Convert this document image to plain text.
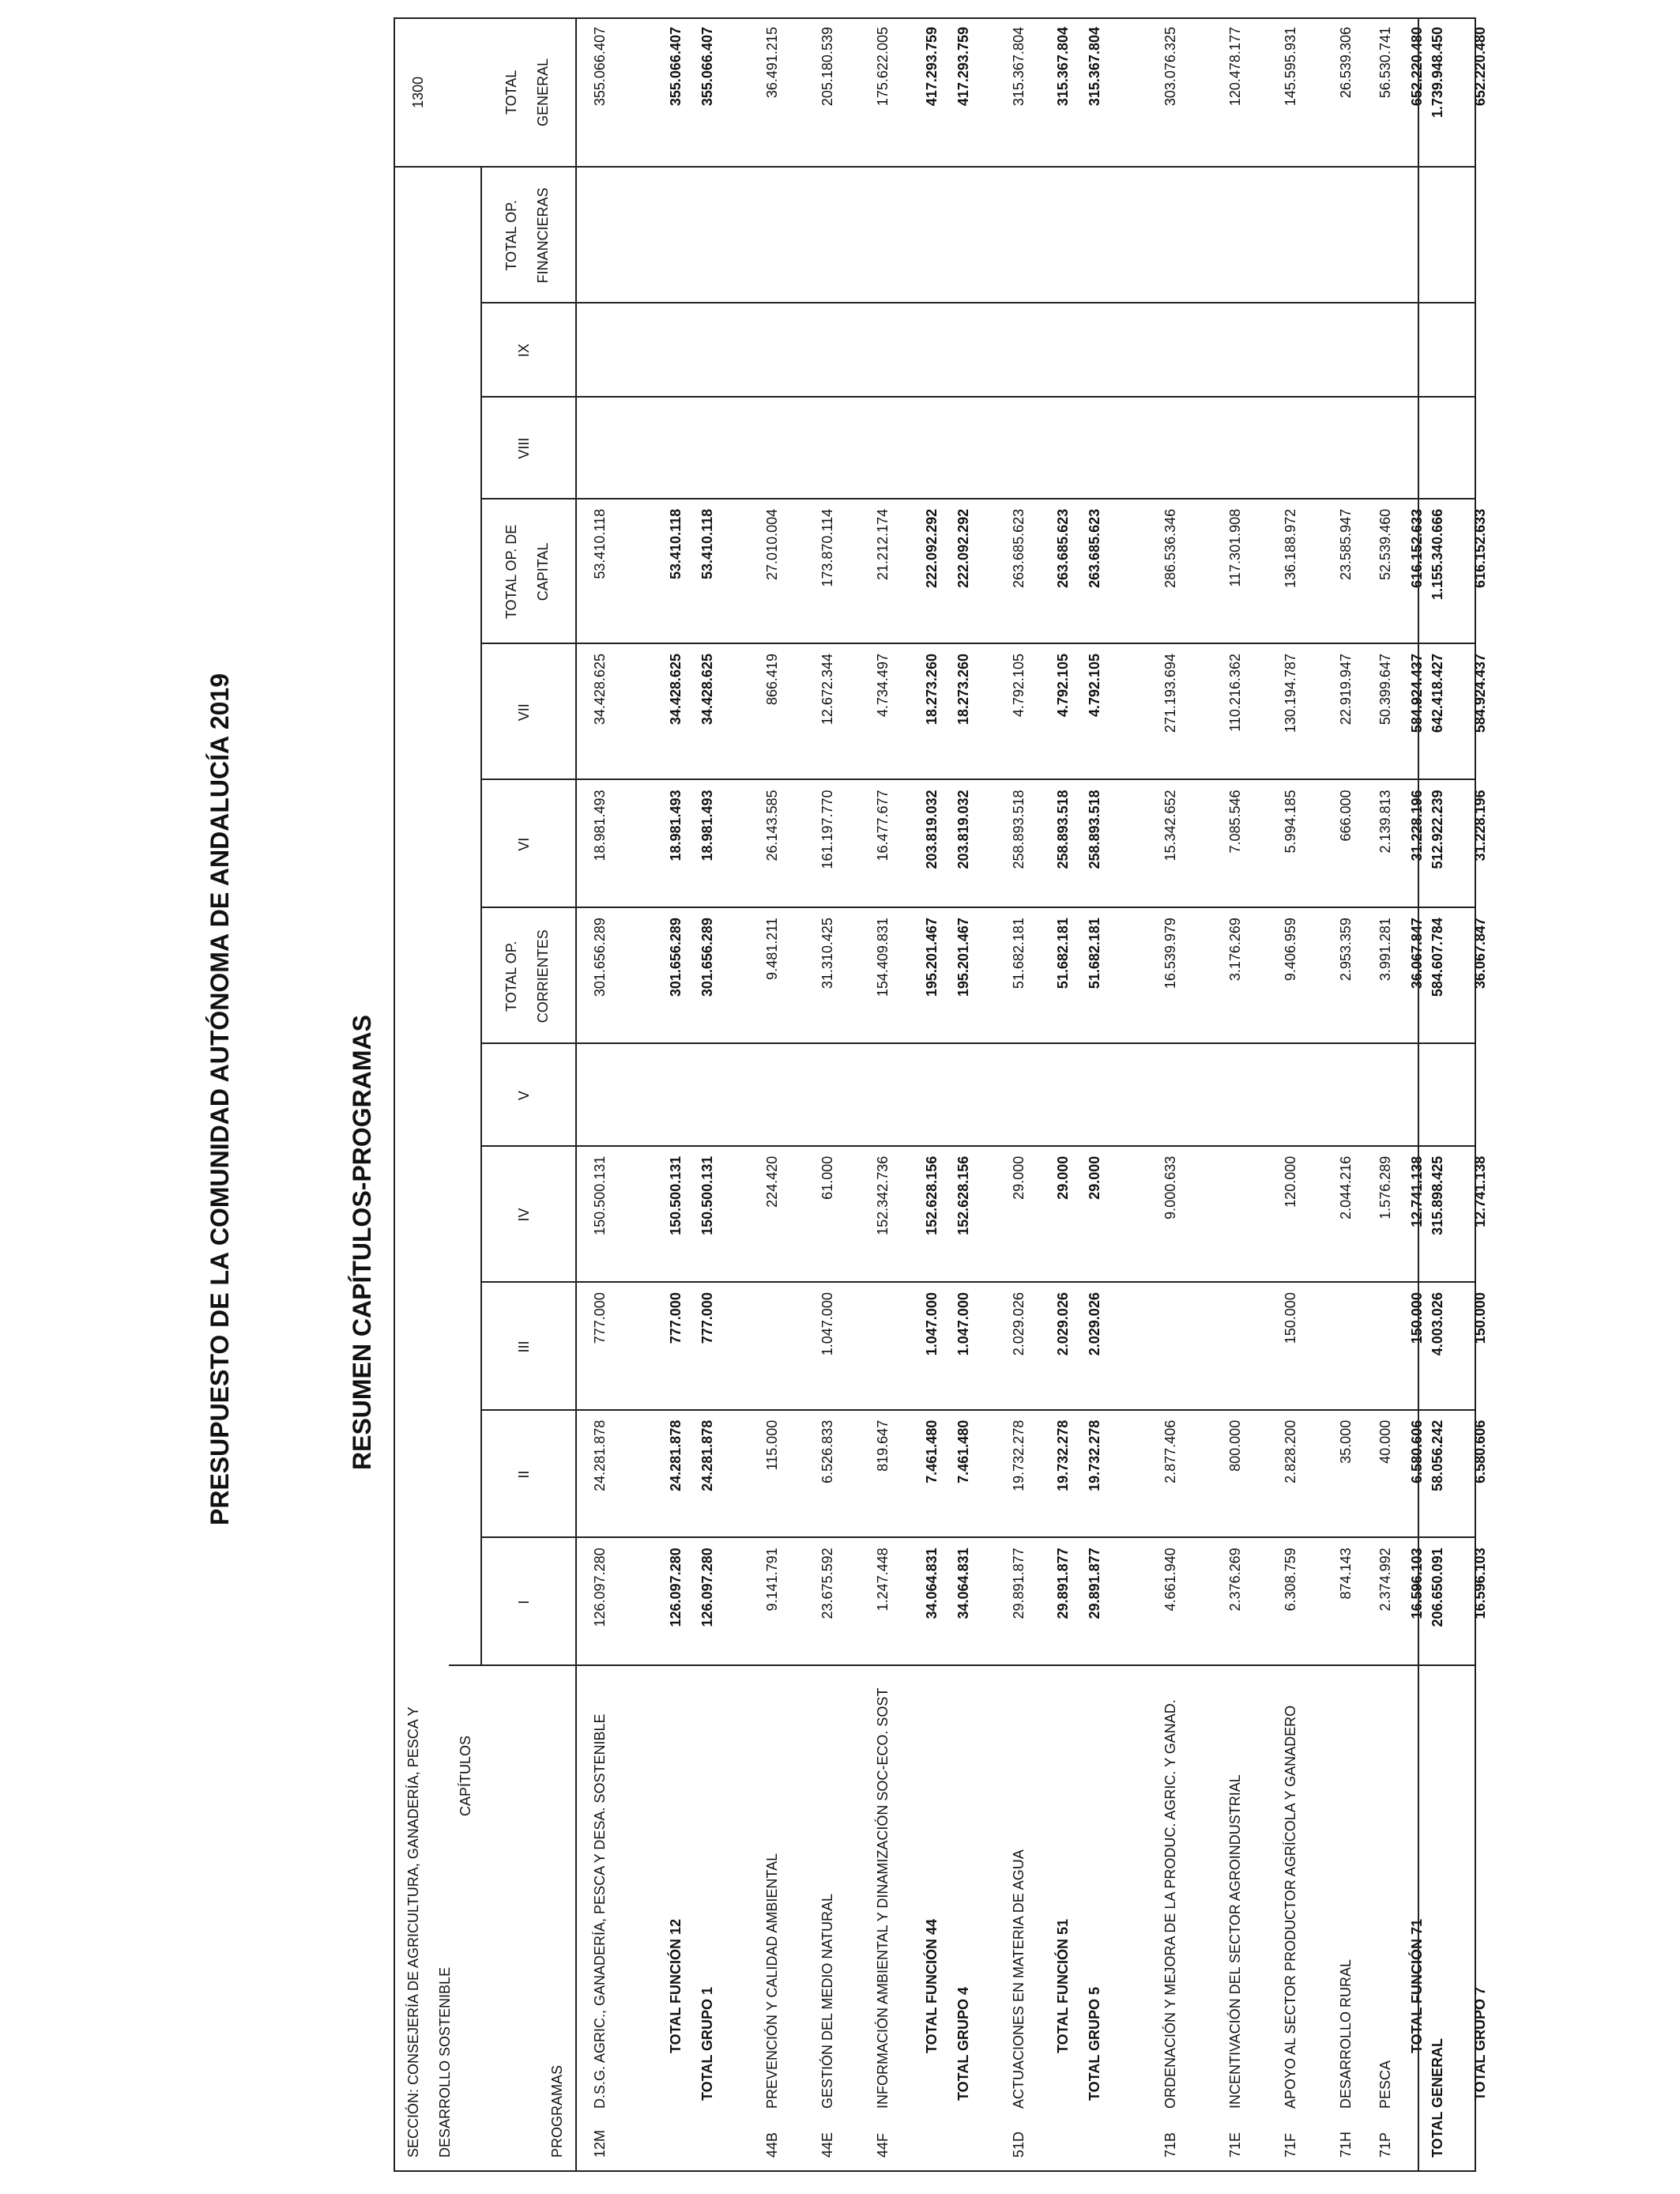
PRESUPUESTO DE LA COMUNIDAD AUTÓNOMA DE ANDALUCÍA 2019	RESUMEN CAPÍTULOS-PROGRAMAS
SECCIÓN: CONSEJERÍA DE AGRICULTURA, GANADERÍA, PESCA Y DESARROLLO SOSTENIBLE
1300
CAPÍTULOS
PROGRAMAS
I
II
III
IV
V
TOTAL OP. CORRIENTES
VI
VII
TOTAL OP. DE CAPITAL
VIII
IX
TOTAL OP. FINANCIERAS
TOTAL GENERAL
12M
D.S.G. AGRIC., GANADERÍA, PESCA Y DESA. SOSTENIBLE
126.097.280
24.281.878
777.000
150.500.131
301.656.289
18.981.493
34.428.625
53.410.118
355.066.407
TOTAL FUNCIÓN 12
126.097.280
24.281.878
777.000
150.500.131
301.656.289
18.981.493
34.428.625
53.410.118
355.066.407
TOTAL GRUPO 1
126.097.280
24.281.878
777.000
150.500.131
301.656.289
18.981.493
34.428.625
53.410.118
355.066.407
44B
PREVENCIÓN Y CALIDAD AMBIENTAL
9.141.791
115.000
224.420
9.481.211
26.143.585
866.419
27.010.004
36.491.215
44E
GESTIÓN DEL MEDIO NATURAL
23.675.592
6.526.833
1.047.000
61.000
31.310.425
161.197.770
12.672.344
173.870.114
205.180.539
44F
INFORMACIÓN AMBIENTAL Y DINAMIZACIÓN SOC-ECO. SOST
1.247.448
819.647
152.342.736
154.409.831
16.477.677
4.734.497
21.212.174
175.622.005
TOTAL FUNCIÓN 44
34.064.831
7.461.480
1.047.000
152.628.156
195.201.467
203.819.032
18.273.260
222.092.292
417.293.759
TOTAL GRUPO 4
34.064.831
7.461.480
1.047.000
152.628.156
195.201.467
203.819.032
18.273.260
222.092.292
417.293.759
51D
ACTUACIONES EN MATERIA DE AGUA
29.891.877
19.732.278
2.029.026
29.000
51.682.181
258.893.518
4.792.105
263.685.623
315.367.804
TOTAL FUNCIÓN 51
29.891.877
19.732.278
2.029.026
29.000
51.682.181
258.893.518
4.792.105
263.685.623
315.367.804
TOTAL GRUPO 5
29.891.877
19.732.278
2.029.026
29.000
51.682.181
258.893.518
4.792.105
263.685.623
315.367.804
71B
ORDENACIÓN Y MEJORA DE LA PRODUC. AGRIC. Y GANAD.
4.661.940
2.877.406
9.000.633
16.539.979
15.342.652
271.193.694
286.536.346
303.076.325
71E
INCENTIVACIÓN DEL SECTOR AGROINDUSTRIAL
2.376.269
800.000
3.176.269
7.085.546
110.216.362
117.301.908
120.478.177
71F
APOYO AL SECTOR PRODUCTOR AGRÍCOLA Y GANADERO
6.308.759
2.828.200
150.000
120.000
9.406.959
5.994.185
130.194.787
136.188.972
145.595.931
71H
DESARROLLO RURAL
874.143
35.000
2.044.216
2.953.359
666.000
22.919.947
23.585.947
26.539.306
71P
PESCA
2.374.992
40.000
1.576.289
3.991.281
2.139.813
50.399.647
52.539.460
56.530.741
TOTAL FUNCIÓN 71
16.596.103
6.580.606
150.000
12.741.138
36.067.847
31.228.196
584.924.437
616.152.633
652.220.480
TOTAL GRUPO 7
16.596.103
6.580.606
150.000
12.741.138
36.067.847
31.228.196
584.924.437
616.152.633
652.220.480
TOTAL GENERAL
206.650.091
58.056.242
4.003.026
315.898.425
584.607.784
512.922.239
642.418.427
1.155.340.666
1.739.948.450
